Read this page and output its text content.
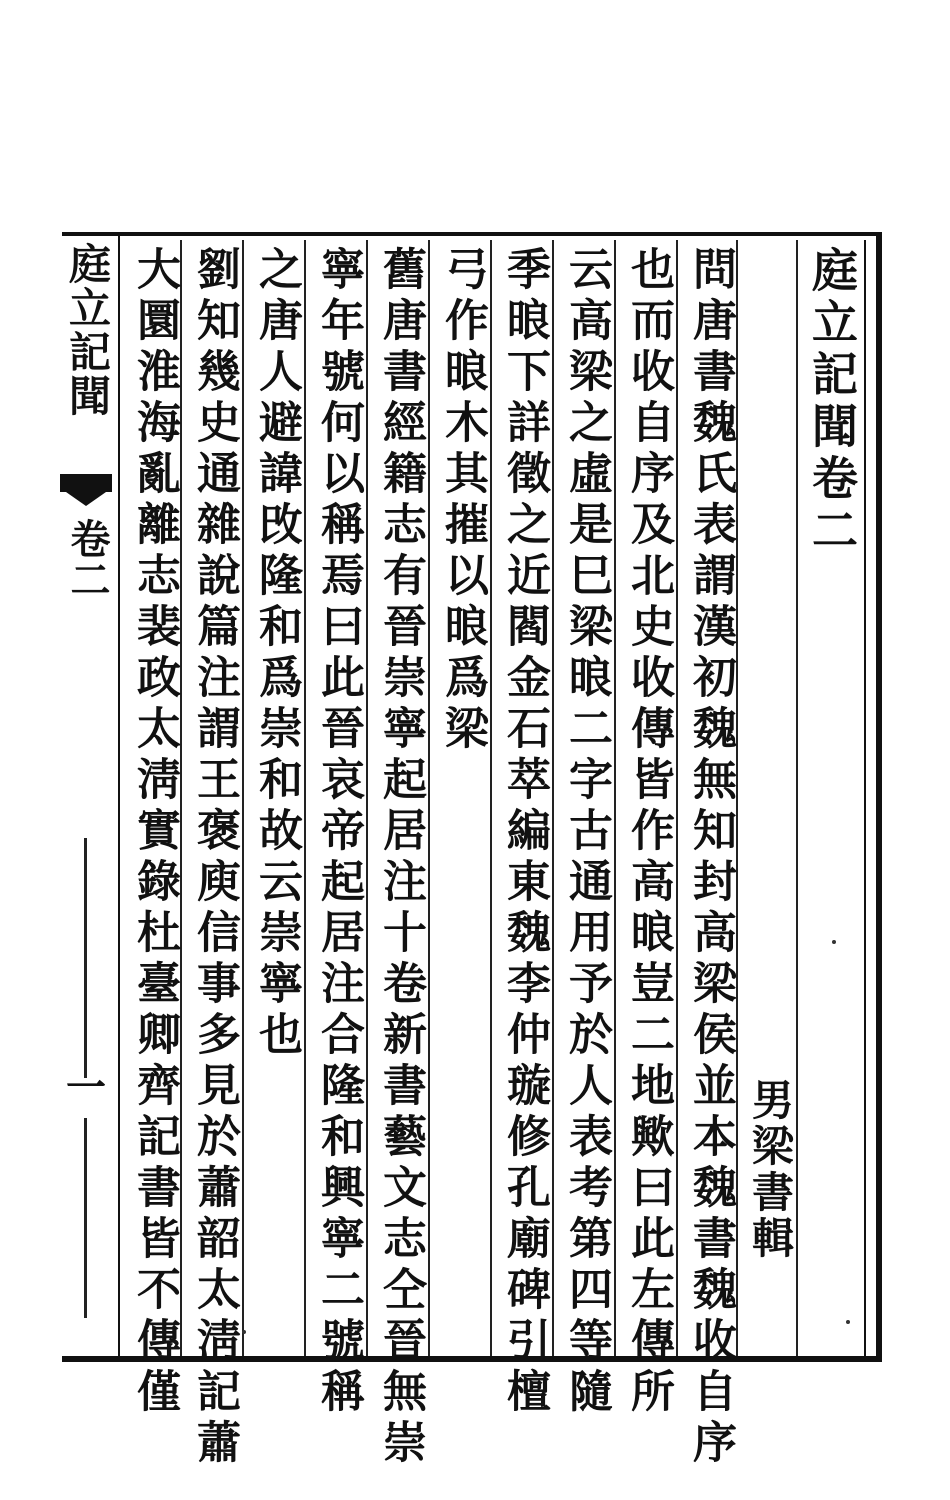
庭立記聞卷二
男梁書輯
問唐書魏氏表謂漢初魏無知封高梁侯並本魏書魏收自序
也而收自序及北史收傳皆作高㫰豈二地歟曰此左傳所
云高梁之虛是巳梁㫰二字古通用予於人表考第四等隨
季㫰下詳徵之近閻金石萃編東魏李仲璇修孔廟碑引檀
弓作㫰木其摧以㫰爲梁
舊唐書經籍志有晉崇寧起居注十卷新書藝文志仝晉無崇
寧年號何以稱焉曰此晉哀帝起居注合隆和興寧二號稱
之唐人避諱攺隆和爲崇和故云崇寧也
劉知幾史通雜說篇注謂王褒庾信事多見於蕭韶太淸記蕭
大圜淮海亂離志裴政太淸實錄杜臺卿齊記書皆不傳僅
庭立記聞
卷二
一
